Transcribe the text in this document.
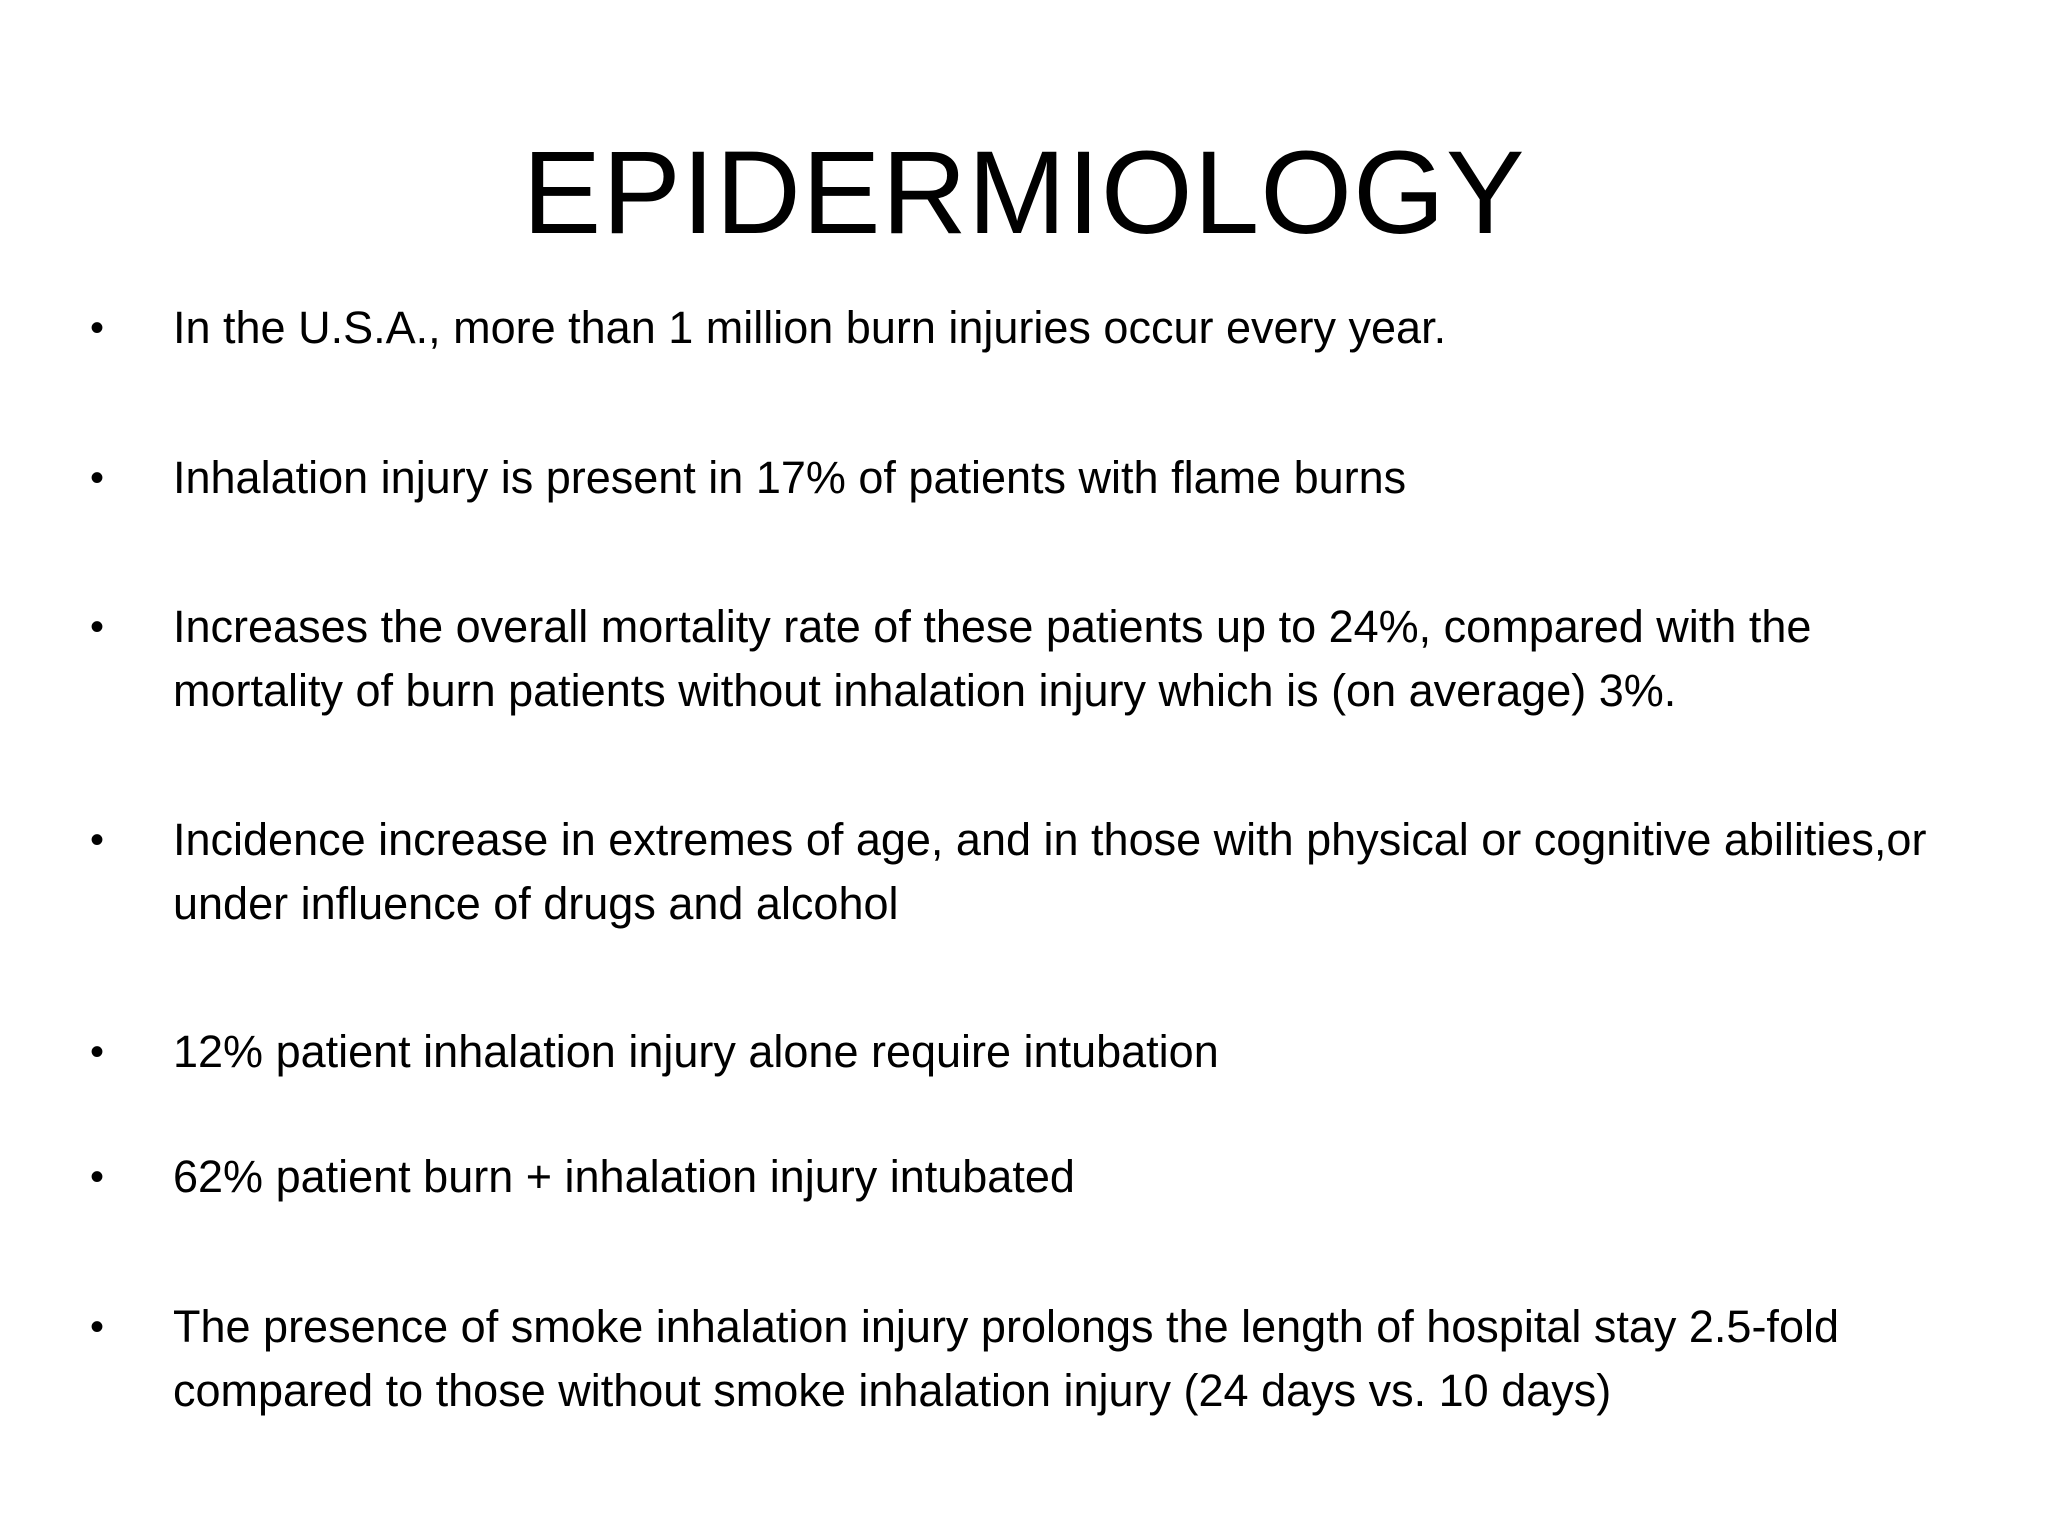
EPIDERMIOLOGY
• In the U.S.A., more than 1 million burn injuries occur every year.
• Inhalation injury is present in 17% of patients with flame burns
• Increases the overall mortality rate of these patients up to 24%, compared with the
mortality of burn patients without inhalation injury which is (on average) 3%.
• Incidence increase in extremes of age, and in those with physical or cognitive abilities,or
under influence of drugs and alcohol
• 12% patient inhalation injury alone require intubation
• 62% patient burn + inhalation injury intubated
• The presence of smoke inhalation injury prolongs the length of hospital stay 2.5-fold
compared to those without smoke inhalation injury (24 days vs. 10 days)
